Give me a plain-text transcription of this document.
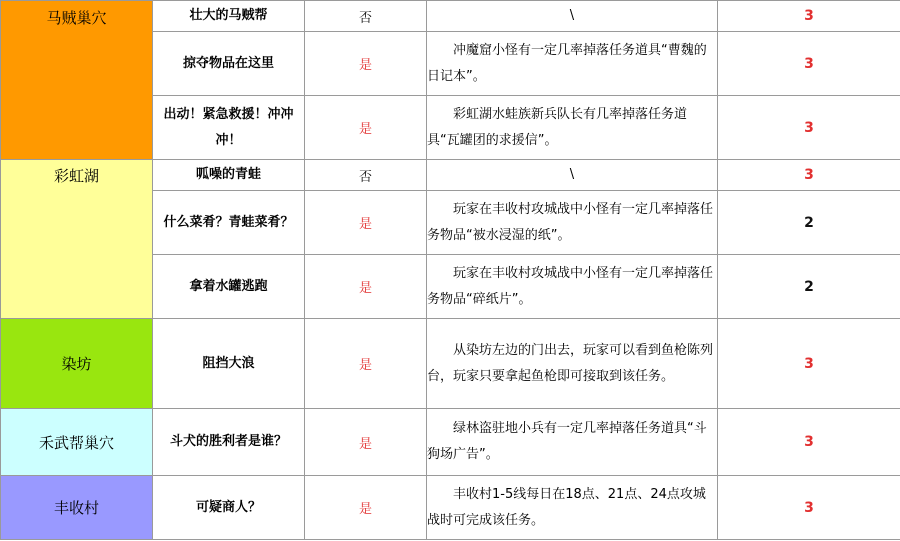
马贼巢穴	壮大的马贼帮	否	\	3
	掠夺物品在这里	是	冲魔窟小怪有一定几率掉落任务道具“曹魏的日记本”。	3
	出动！紧急救援！冲冲冲！	是	彩虹湖水蛙族新兵队长有几率掉落任务道具“瓦罐团的求援信”。	3
彩虹湖	呱噪的青蛙	否	\	3
	什么菜肴？青蛙菜肴？	是	玩家在丰收村攻城战中小怪有一定几率掉落任务物品“被水浸湿的纸”。	2
	拿着水罐逃跑	是	玩家在丰收村攻城战中小怪有一定几率掉落任务物品“碎纸片”。	2
染坊	阻挡大浪	是	从染坊左边的门出去，玩家可以看到鱼枪陈列台，玩家只要拿起鱼枪即可接取到该任务。	3
禾武帮巢穴	斗犬的胜利者是谁？	是	绿林盗驻地小兵有一定几率掉落任务道具“斗狗场广告”。	3
丰收村	可疑商人？	是	丰收村1-5线每日在18点、21点、24点攻城战时可完成该任务。	3
